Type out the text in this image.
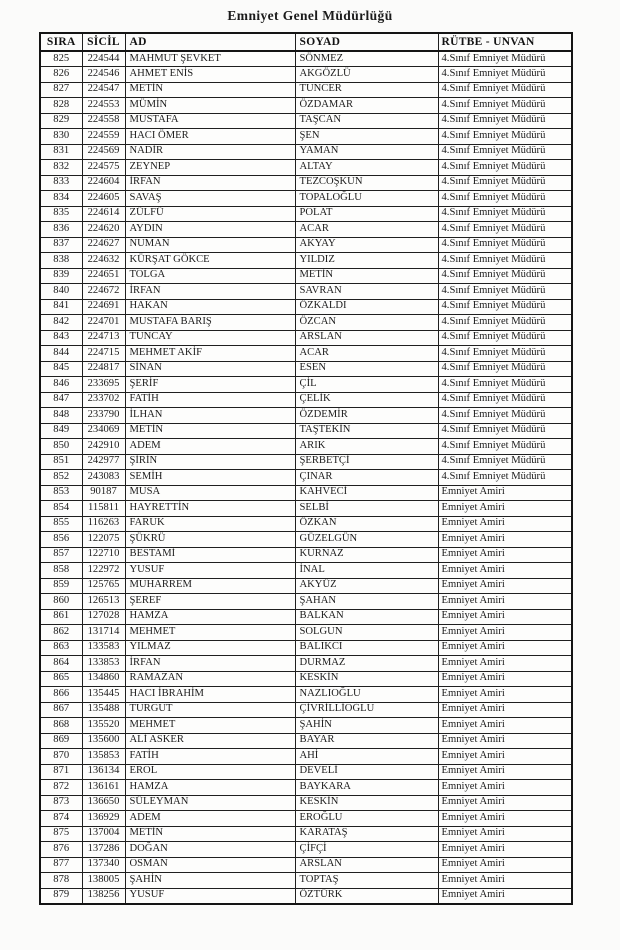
Emniyet Genel Müdürlüğü
SIRA	SİCİL	AD	SOYAD	RÜTBE - UNVAN
825	224544	MAHMUT ŞEVKET	SÖNMEZ	4.Sınıf Emniyet Müdürü
826	224546	AHMET ENİS	AKGÖZLÜ	4.Sınıf Emniyet Müdürü
827	224547	METİN	TUNCER	4.Sınıf Emniyet Müdürü
828	224553	MÜMİN	ÖZDAMAR	4.Sınıf Emniyet Müdürü
829	224558	MUSTAFA	TAŞCAN	4.Sınıf Emniyet Müdürü
830	224559	HACI ÖMER	ŞEN	4.Sınıf Emniyet Müdürü
831	224569	NADİR	YAMAN	4.Sınıf Emniyet Müdürü
832	224575	ZEYNEP	ALTAY	4.Sınıf Emniyet Müdürü
833	224604	İRFAN	TEZCOŞKUN	4.Sınıf Emniyet Müdürü
834	224605	SAVAŞ	TOPALOĞLU	4.Sınıf Emniyet Müdürü
835	224614	ZÜLFÜ	POLAT	4.Sınıf Emniyet Müdürü
836	224620	AYDIN	ACAR	4.Sınıf Emniyet Müdürü
837	224627	NUMAN	AKYAY	4.Sınıf Emniyet Müdürü
838	224632	KÜRŞAT GÖKCE	YILDIZ	4.Sınıf Emniyet Müdürü
839	224651	TOLGA	METİN	4.Sınıf Emniyet Müdürü
840	224672	İRFAN	SAVRAN	4.Sınıf Emniyet Müdürü
841	224691	HAKAN	ÖZKALDI	4.Sınıf Emniyet Müdürü
842	224701	MUSTAFA BARIŞ	ÖZCAN	4.Sınıf Emniyet Müdürü
843	224713	TUNCAY	ARSLAN	4.Sınıf Emniyet Müdürü
844	224715	MEHMET AKİF	ACAR	4.Sınıf Emniyet Müdürü
845	224817	SİNAN	ESEN	4.Sınıf Emniyet Müdürü
846	233695	ŞERİF	ÇİL	4.Sınıf Emniyet Müdürü
847	233702	FATİH	ÇELİK	4.Sınıf Emniyet Müdürü
848	233790	İLHAN	ÖZDEMİR	4.Sınıf Emniyet Müdürü
849	234069	METİN	TAŞTEKİN	4.Sınıf Emniyet Müdürü
850	242910	ADEM	ARIK	4.Sınıf Emniyet Müdürü
851	242977	ŞİRİN	ŞERBETÇİ	4.Sınıf Emniyet Müdürü
852	243083	SEMİH	ÇINAR	4.Sınıf Emniyet Müdürü
853	90187	MUSA	KAHVECİ	Emniyet Amiri
854	115811	HAYRETTİN	SELBİ	Emniyet Amiri
855	116263	FARUK	ÖZKAN	Emniyet Amiri
856	122075	ŞÜKRÜ	GÜZELGÜN	Emniyet Amiri
857	122710	BESTAMİ	KURNAZ	Emniyet Amiri
858	122972	YUSUF	İNAL	Emniyet Amiri
859	125765	MUHARREM	AKYÜZ	Emniyet Amiri
860	126513	ŞEREF	ŞAHAN	Emniyet Amiri
861	127028	HAMZA	BALKAN	Emniyet Amiri
862	131714	MEHMET	SOLGUN	Emniyet Amiri
863	133583	YILMAZ	BALIKCI	Emniyet Amiri
864	133853	İRFAN	DURMAZ	Emniyet Amiri
865	134860	RAMAZAN	KESKİN	Emniyet Amiri
866	135445	HACI İBRAHİM	NAZLIOĞLU	Emniyet Amiri
867	135488	TURGUT	ÇİVRİLLİOĞLU	Emniyet Amiri
868	135520	MEHMET	ŞAHİN	Emniyet Amiri
869	135600	ALİ ASKER	BAYAR	Emniyet Amiri
870	135853	FATİH	AHİ	Emniyet Amiri
871	136134	EROL	DEVELİ	Emniyet Amiri
872	136161	HAMZA	BAYKARA	Emniyet Amiri
873	136650	SÜLEYMAN	KESKİN	Emniyet Amiri
874	136929	ADEM	EROĞLU	Emniyet Amiri
875	137004	METİN	KARATAŞ	Emniyet Amiri
876	137286	DOĞAN	ÇİFÇİ	Emniyet Amiri
877	137340	OSMAN	ARSLAN	Emniyet Amiri
878	138005	ŞAHİN	TOPTAŞ	Emniyet Amiri
879	138256	YUSUF	ÖZTÜRK	Emniyet Amiri
